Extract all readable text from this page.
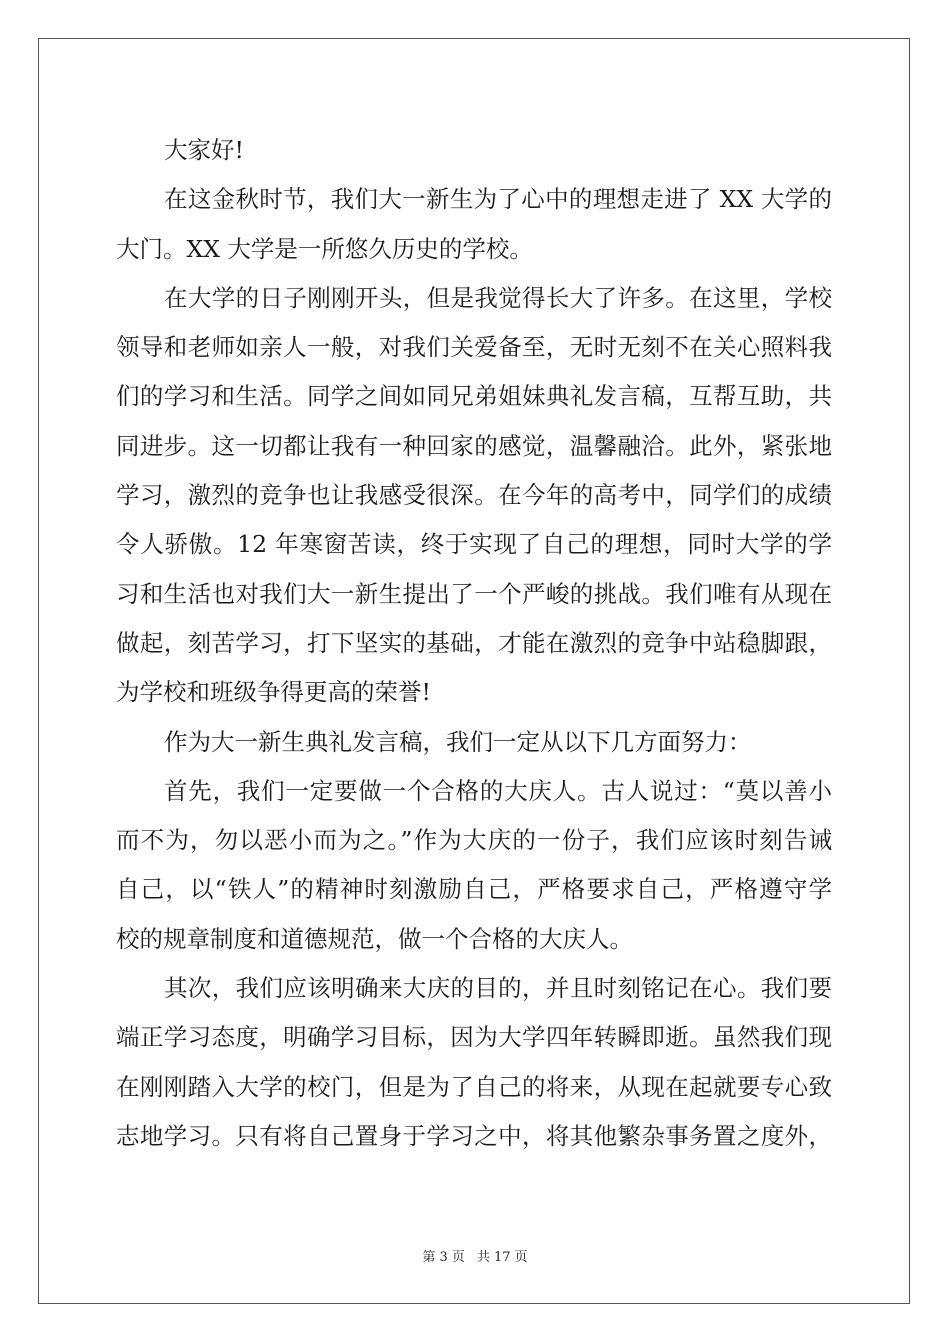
大家好!
在这金秋时节，我们大一新生为了心中的理想走进了 XX 大学的
大门。XX 大学是一所悠久历史的学校。
在大学的日子刚刚开头，但是我觉得长大了许多。在这里，学校
领导和老师如亲人一般，对我们关爱备至，无时无刻不在关心照料我
们的学习和生活。同学之间如同兄弟姐妹典礼发言稿，互帮互助，共
同进步。这一切都让我有一种回家的感觉，温馨融洽。此外，紧张地
学习，激烈的竞争也让我感受很深。在今年的高考中，同学们的成绩
令人骄傲。12 年寒窗苦读，终于实现了自己的理想，同时大学的学
习和生活也对我们大一新生提出了一个严峻的挑战。我们唯有从现在
做起，刻苦学习，打下坚实的基础，才能在激烈的竞争中站稳脚跟，
为学校和班级争得更高的荣誉!
作为大一新生典礼发言稿，我们一定从以下几方面努力：
首先，我们一定要做一个合格的大庆人。古人说过：“莫以善小
而不为，勿以恶小而为之。”作为大庆的一份子，我们应该时刻告诫
自己，以“铁人”的精神时刻激励自己，严格要求自己，严格遵守学
校的规章制度和道德规范，做一个合格的大庆人。
其次，我们应该明确来大庆的目的，并且时刻铭记在心。我们要
端正学习态度，明确学习目标，因为大学四年转瞬即逝。虽然我们现
在刚刚踏入大学的校门，但是为了自己的将来，从现在起就要专心致
志地学习。只有将自己置身于学习之中，将其他繁杂事务置之度外，
第 3 页 共 17 页
